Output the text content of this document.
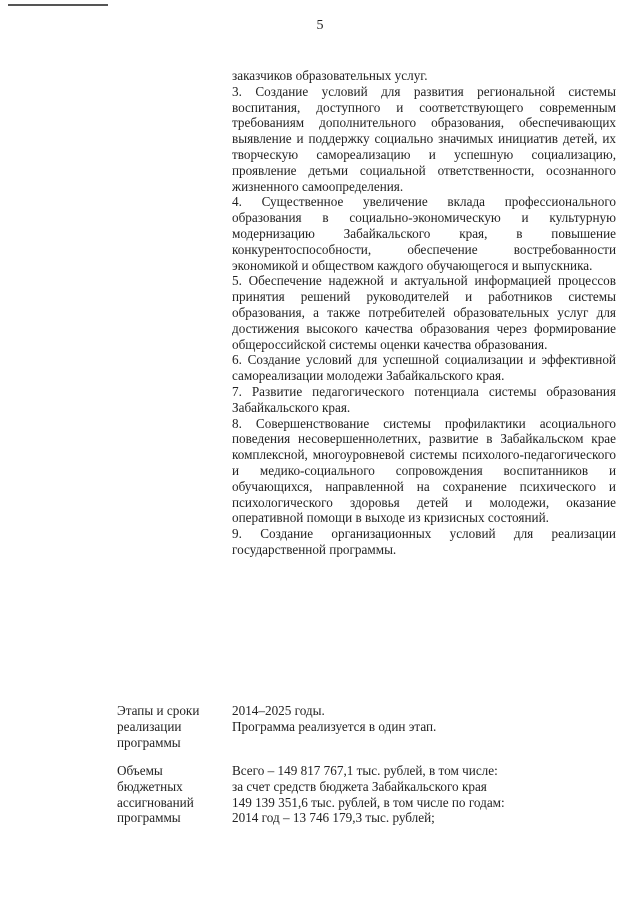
5

заказчиков образовательных услуг.

3. Создание условий для развития региональной системы воспитания, доступного и соответствующего современным требованиям дополнительного образования, обеспечивающих выявление и поддержку социально значимых инициатив детей, их творческую самореализацию и успешную социализацию, проявление детьми социальной ответственности, осознанного жизненного самоопределения.

4. Существенное увеличение вклада профессионального образования в социально-экономическую и культурную модернизацию Забайкальского края, в повышение конкурентоспособности, обеспечение востребованности экономикой и обществом каждого обучающегося и выпускника.

5. Обеспечение надежной и актуальной информацией процессов принятия решений руководителей и работников системы образования, а также потребителей образовательных услуг для достижения высокого качества образования через формирование общероссийской системы оценки качества образования.

6. Создание условий для успешной социализации и эффективной самореализации молодежи Забайкальского края.

7. Развитие педагогического потенциала системы образования Забайкальского края.

8. Совершенствование системы профилактики асоциального поведения несовершеннолетних, развитие в Забайкальском крае комплексной, многоуровневой системы психолого-педагогического и медико-социального сопровождения воспитанников и обучающихся, направленной на сохранение психического и психологического здоровья детей и молодежи, оказание оперативной помощи в выходе из кризисных состояний.

9. Создание организационных условий для реализации государственной программы.

Этапы и сроки
реализации
программы
2014–2025 годы.
Программа реализуется в один этап.
Объемы
бюджетных
ассигнований
программы
Всего – 149 817 767,1 тыс. рублей, в том числе:
за счет средств бюджета Забайкальского края
149 139 351,6 тыс. рублей, в том числе по годам:
2014 год – 13 746 179,3 тыс. рублей;
